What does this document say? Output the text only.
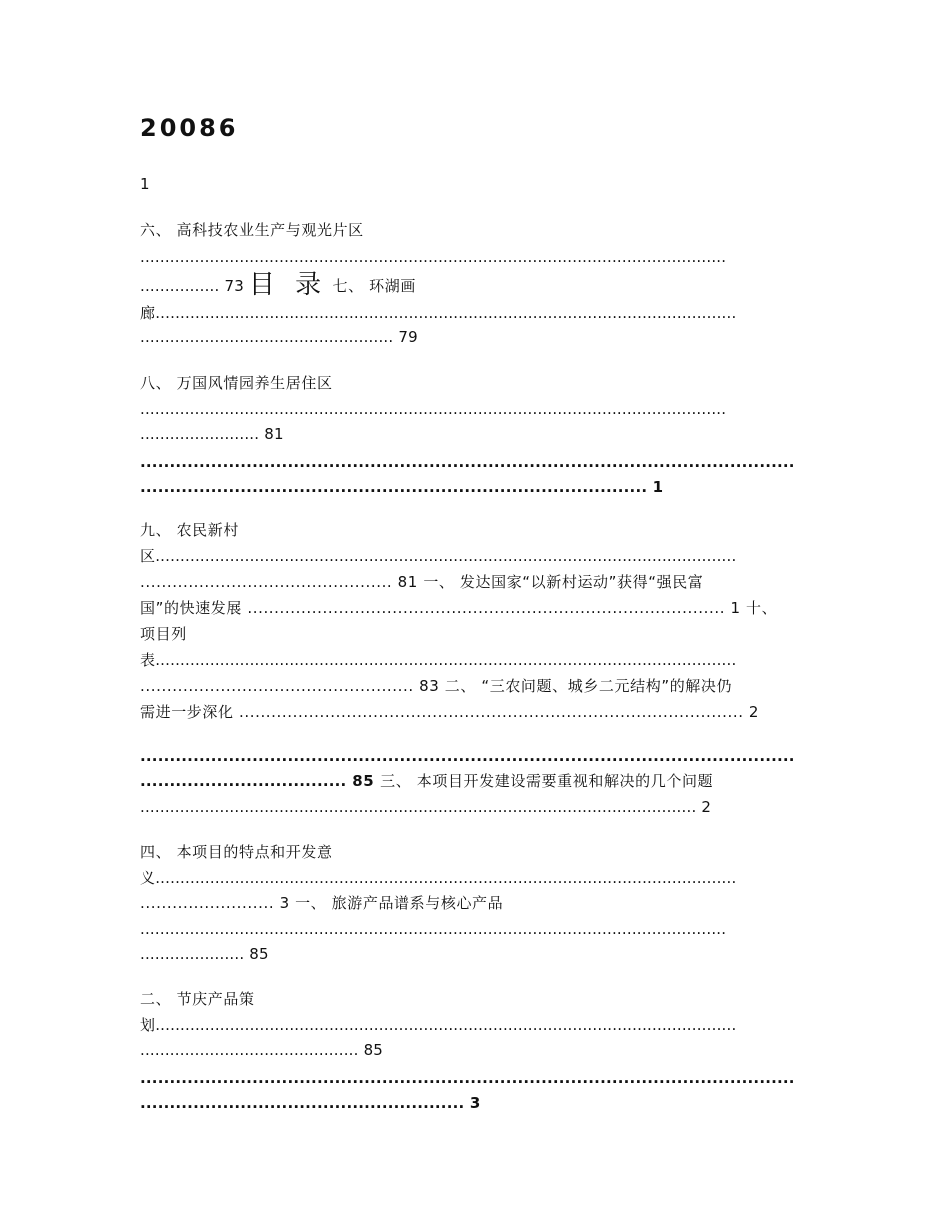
20086
1
六、 高科技农业生产与观光片区
......................................................................................................................
................ 73 目 录 七、 环湖画
廊.....................................................................................................................
................................................... 79
八、 万国风情园养生居住区
......................................................................................................................
........................ 81
...............................................................................................................
...................................................................................... 1
九、 农民新村
区.....................................................................................................................
............................................... 81 一、 发达国家“以新村运动”获得“强民富
国”的快速发展 ......................................................................................... 1 十、
项目列
表.....................................................................................................................
................................................... 83 二、 “三农问题、城乡二元结构”的解决仍
需进一步深化 .............................................................................................. 2
...............................................................................................................
................................... 85 三、 本项目开发建设需要重视和解决的几个问题
................................................................................................................ 2
四、 本项目的特点和开发意
义.....................................................................................................................
......................... 3 一、 旅游产品谱系与核心产品
......................................................................................................................
..................... 85
二、 节庆产品策
划.....................................................................................................................
............................................ 85
...............................................................................................................
....................................................... 3
